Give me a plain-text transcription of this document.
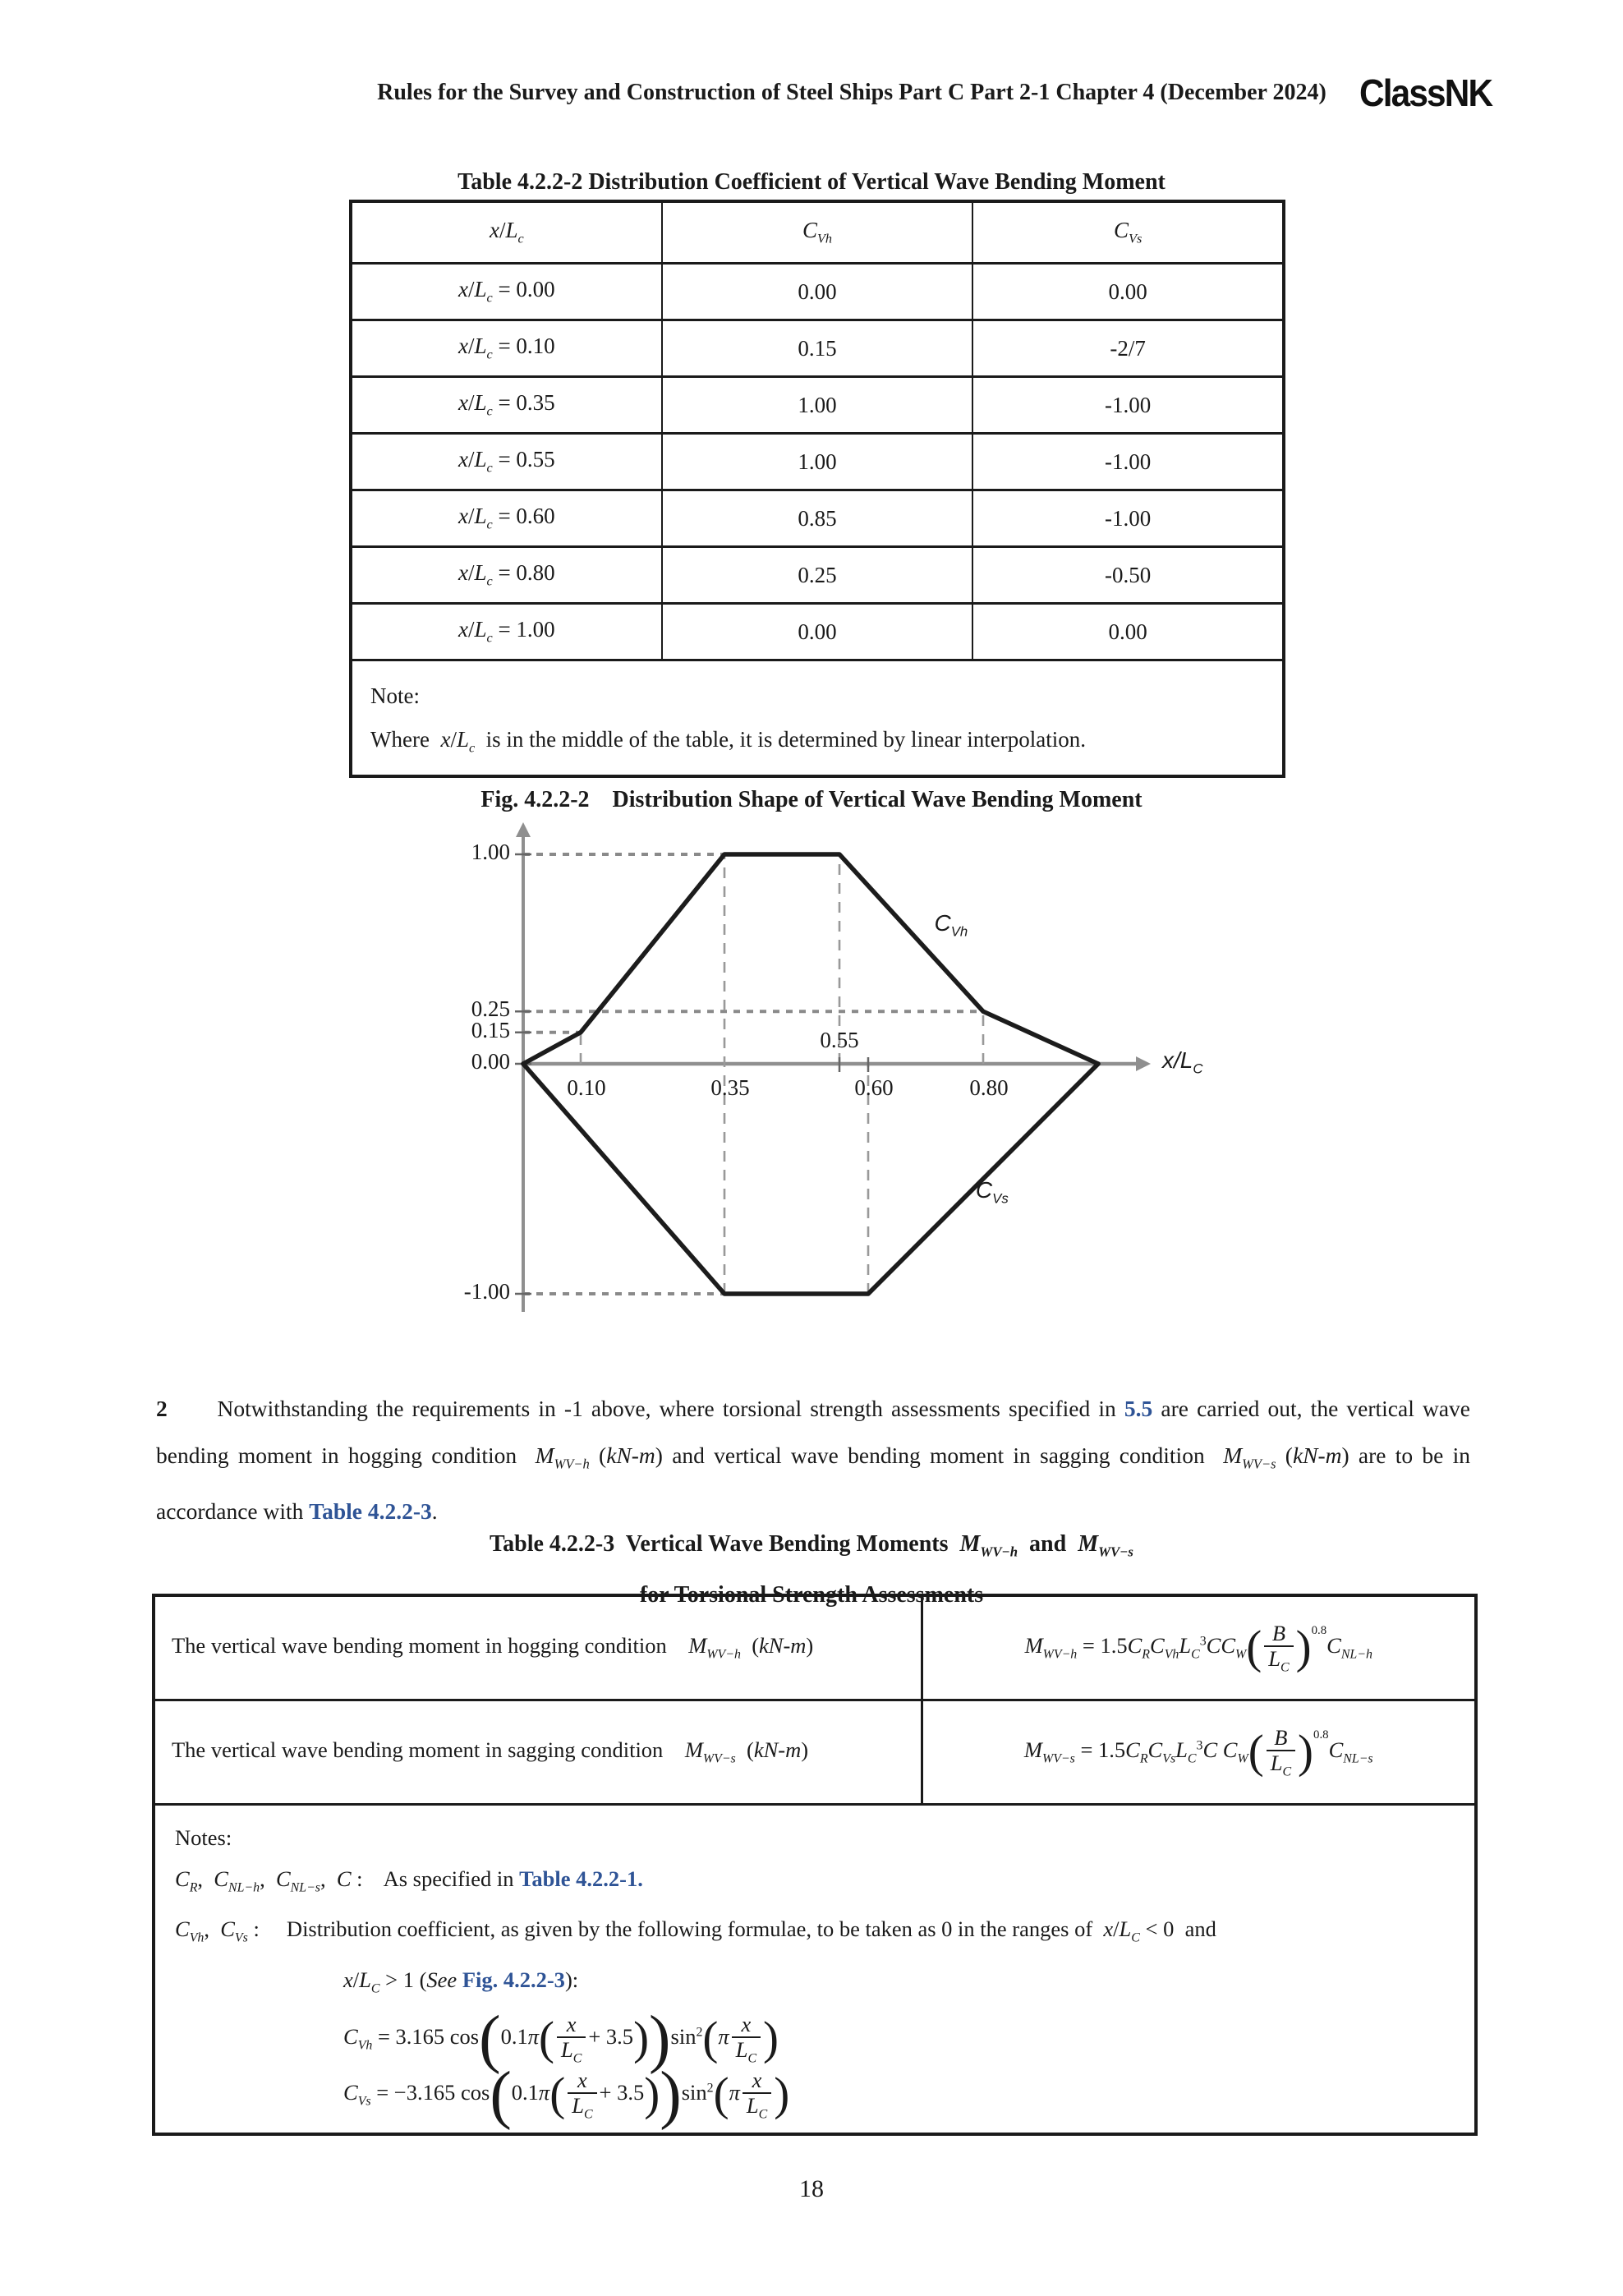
Rules for the Survey and Construction of Steel Ships Part C Part 2-1 Chapter 4 (December 2024) ClassNK
Table 4.2.2-2 Distribution Coefficient of Vertical Wave Bending Moment
$x/L_c$	$C_{Vh}$	$C_{Vs}$
$x/L_c = 0.00$	0.00	0.00
$x/L_c = 0.10$	0.15	-2/7
$x/L_c = 0.35$	1.00	-1.00
$x/L_c = 0.55$	1.00	-1.00
$x/L_c = 0.60$	0.85	-1.00
$x/L_c = 0.80$	0.25	-0.50
$x/L_c = 1.00$	0.00	0.00
Note:
Where  $x/L_c$  is in the middle of the table, it is determined by linear interpolation.		
Fig. 4.2.2-2    Distribution Shape of Vertical Wave Bending Moment
1.00
0.25
0.15
0.00
-1.00
0.10	0.35	0.60	0.80
0.55
$x/L_C$
$C_{Vh}$
$C_{Vs}$
2      Notwithstanding the requirements in -1 above, where torsional strength assessments specified in 5.5 are carried out, the vertical wave bending moment in hogging condition  $M_{WV-h}$ (kN-m) and vertical wave bending moment in sagging condition  $M_{WV-s}$ (kN-m) are to be in accordance with Table 4.2.2-3.
Table 4.2.2-3  Vertical Wave Bending Moments  $M_{WV-h}$  and  $M_{WV-s}$
for Torsional Strength Assessments
The vertical wave bending moment in hogging condition    $M_{WV-h}$  (kN-m)	$M_{WV-h} = 1.5C_RC_{Vh}L_C^3CC_W( \frac{B}{L_C} )^{0.8}C_{NL-h}$
The vertical wave bending moment in sagging condition    $M_{WV-s}$  (kN-m)	$M_{WV-s} = 1.5C_RC_{Vs}L_C^3C$ $C_W( \frac{B}{L_C} )^{0.8}C_{NL-s}$

Notes:
$C_R$,  $C_{NL-h}$,  $C_{NL-s}$,  C :    As specified in Table 4.2.2-1.
$C_{Vh}$,  $C_{Vs}$ :     Distribution coefficient, as given by the following formulae, to be taken as 0 in the ranges of  $x/L_C < 0$  and
$x/L_C > 1$ (See Fig. 4.2.2-3):
$C_{Vh} = 3.165$ $\cos(0.1\pi( \frac{x}{L_C} + 3.5))\sin^2(\pi \frac{x}{L_C}$ )
$C_{Vs} = -3.165$ $\cos(0.1\pi( \frac{x}{L_C} + 3.5))\sin^2(\pi \frac{x}{L_C}$ )
18
